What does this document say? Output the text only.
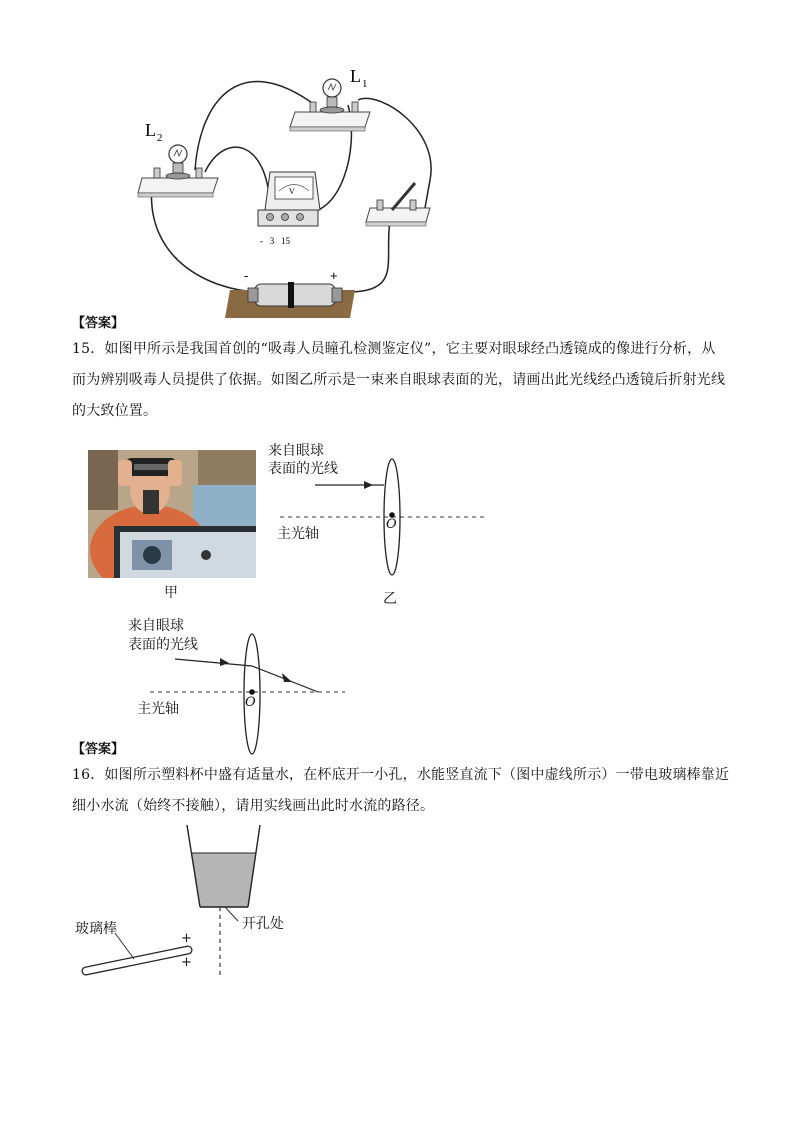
L 1
L 2
V
-   3   15
-	+
【答案】
15．如图甲所示是我国首创的“吸毒人员瞳孔检测鉴定仪”，它主要对眼球经凸透镜成的像进行分析，从
而为辨别吸毒人员提供了依据。如图乙所示是一束来自眼球表面的光，请画出此光线经凸透镜后折射光线
的大致位置。
甲
来自眼球
表面的光线
主光轴
O
乙
来自眼球
表面的光线
主光轴	O
【答案】
16．如图所示塑料杯中盛有适量水，在杯底开一小孔，水能竖直流下（图中虚线所示）一带电玻璃棒靠近
细小水流（始终不接触），请用实线画出此时水流的路径。
玻璃棒	开孔处
+
+
